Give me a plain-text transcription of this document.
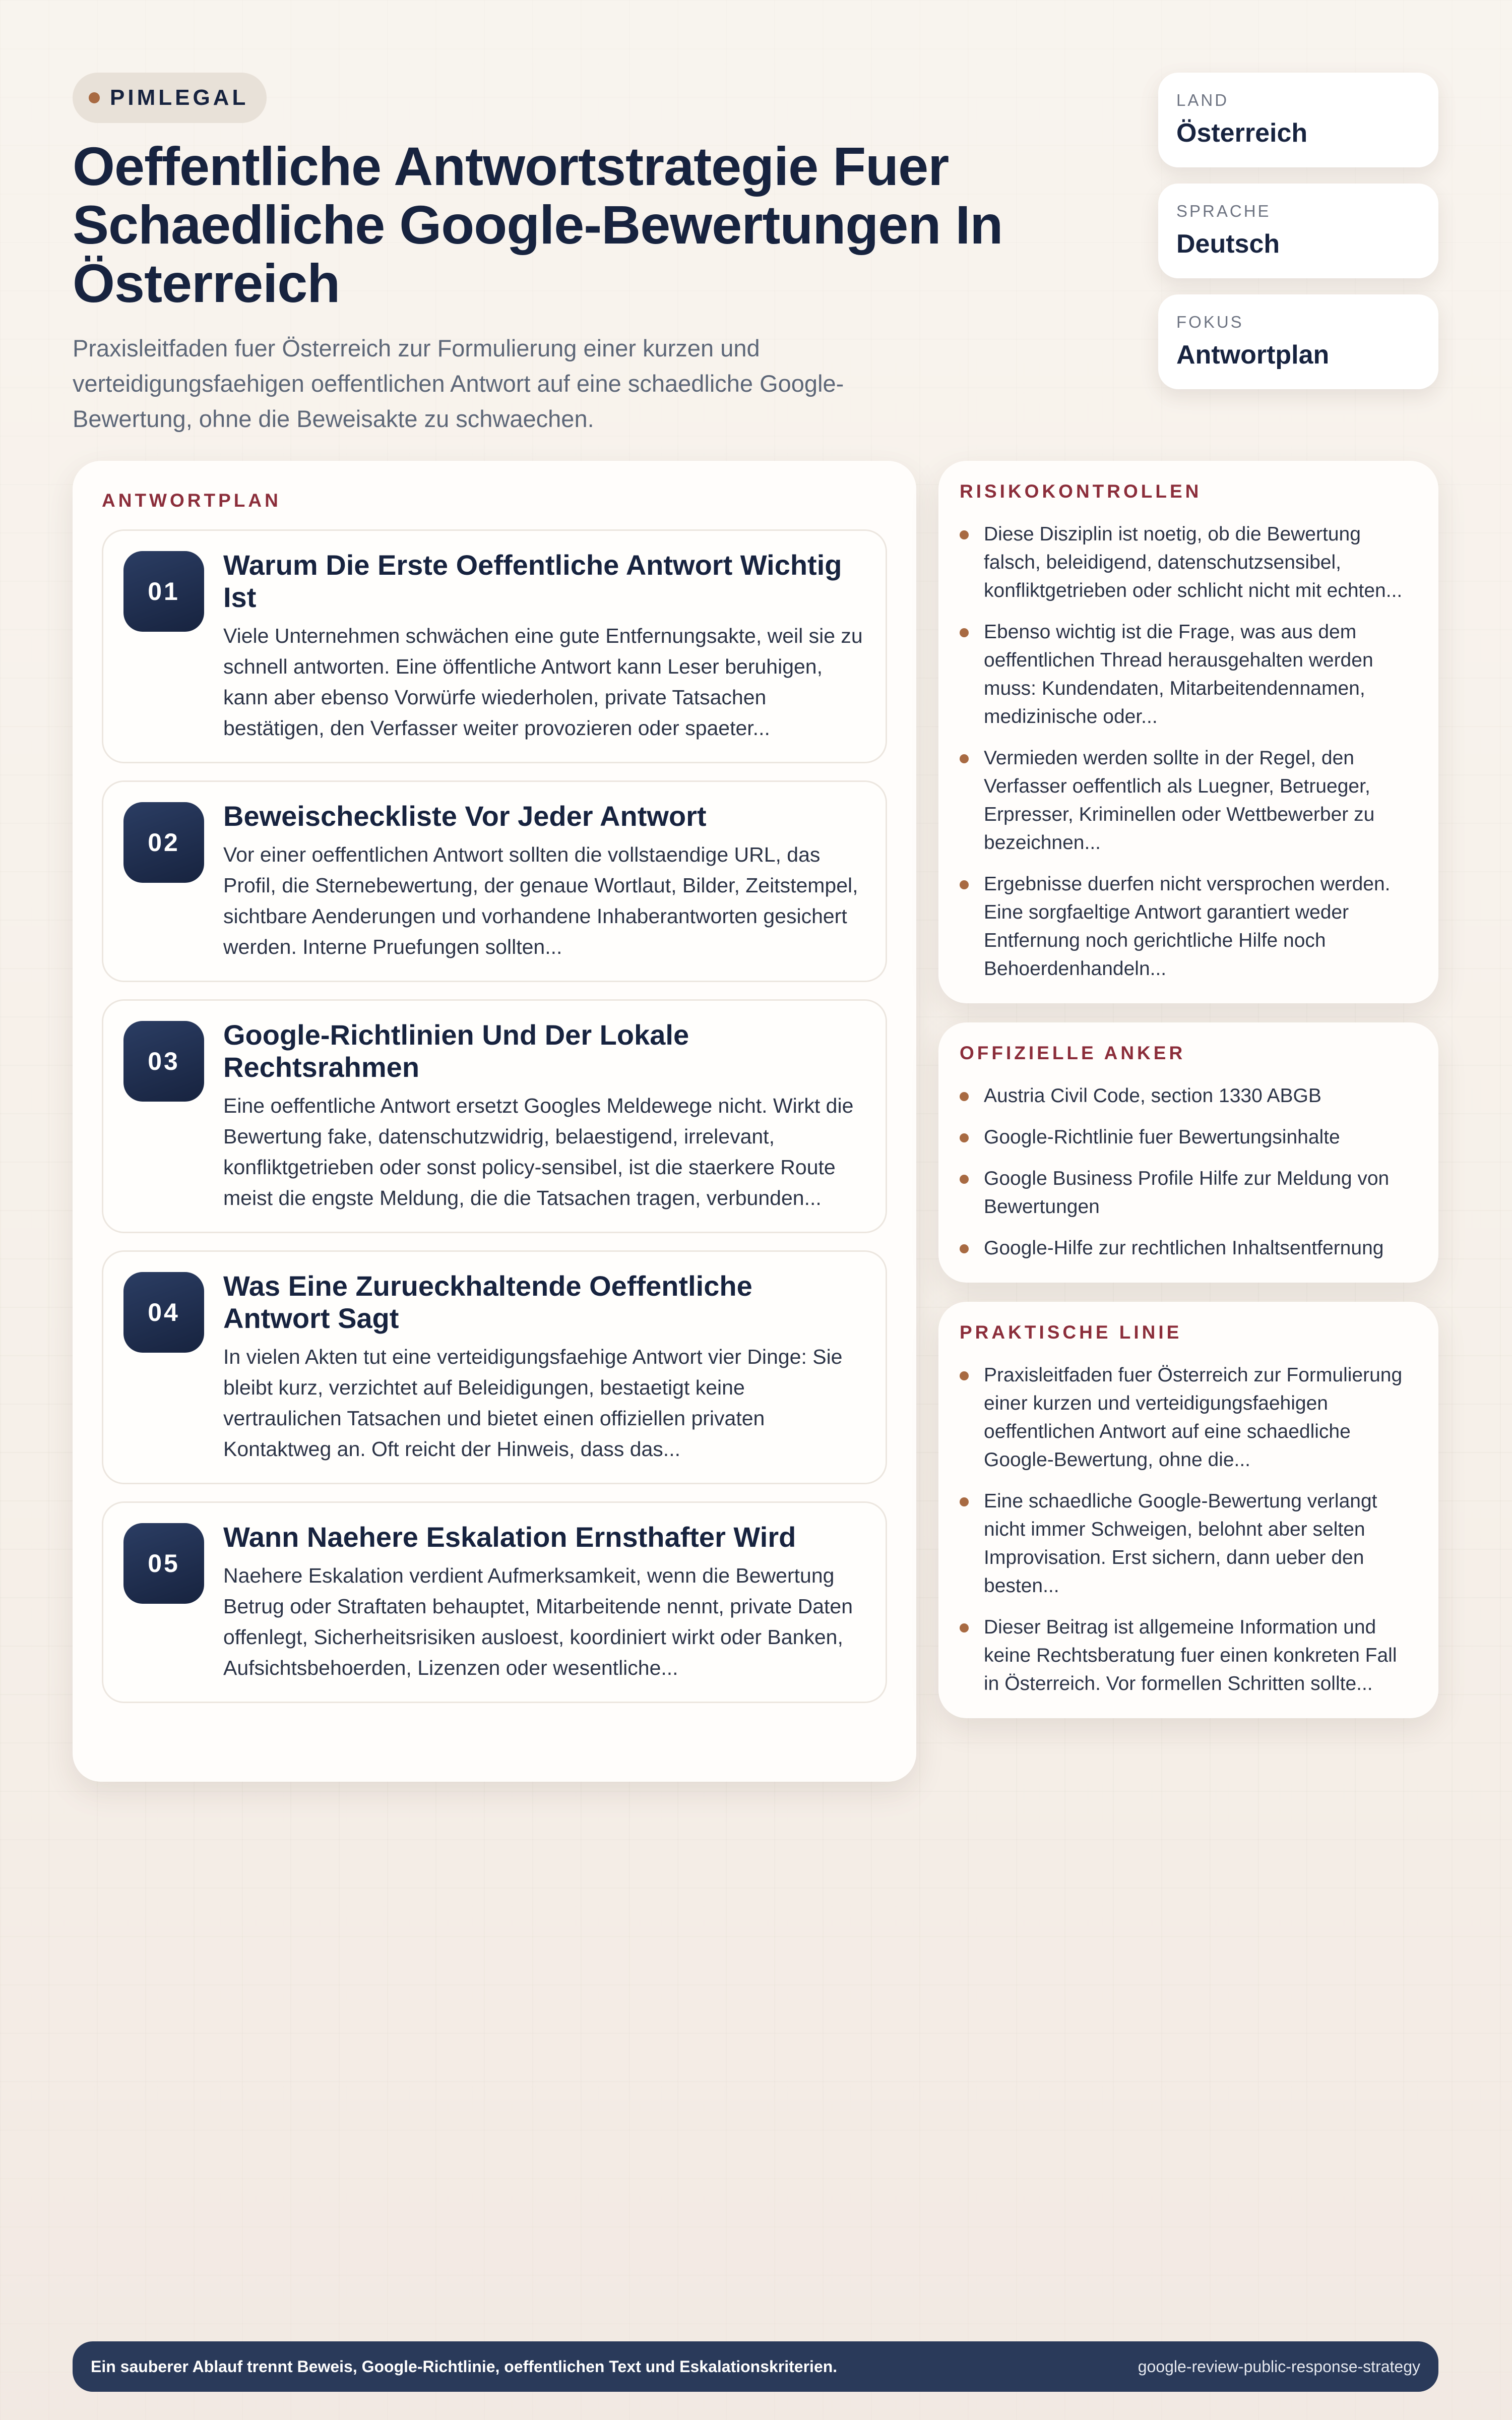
PIMLEGAL
Oeffentliche Antwortstrategie Fuer Schaedliche Google-Bewertungen In Österreich

Praxisleitfaden fuer Österreich zur Formulierung einer kurzen und verteidigungsfaehigen oeffentlichen Antwort auf eine schaedliche Google-Bewertung, ohne die Beweisakte zu schwaechen.

LAND
Österreich
SPRACHE
Deutsch
FOKUS
Antwortplan
ANTWORTPLAN
01
Warum Die Erste Oeffentliche Antwort Wichtig Ist

Viele Unternehmen schwächen eine gute Entfernungsakte, weil sie zu schnell antworten. Eine öffentliche Antwort kann Leser beruhigen, kann aber ebenso Vorwürfe wiederholen, private Tatsachen bestätigen, den Verfasser weiter provozieren oder spaeter...

02
Beweischeckliste Vor Jeder Antwort

Vor einer oeffentlichen Antwort sollten die vollstaendige URL, das Profil, die Sternebewertung, der genaue Wortlaut, Bilder, Zeitstempel, sichtbare Aenderungen und vorhandene Inhaberantworten gesichert werden. Interne Pruefungen sollten...

03
Google-Richtlinien Und Der Lokale Rechtsrahmen

Eine oeffentliche Antwort ersetzt Googles Meldewege nicht. Wirkt die Bewertung fake, datenschutzwidrig, belaestigend, irrelevant, konfliktgetrieben oder sonst policy-sensibel, ist die staerkere Route meist die engste Meldung, die die Tatsachen tragen, verbunden...

04
Was Eine Zurueckhaltende Oeffentliche Antwort Sagt

In vielen Akten tut eine verteidigungsfaehige Antwort vier Dinge: Sie bleibt kurz, verzichtet auf Beleidigungen, bestaetigt keine vertraulichen Tatsachen und bietet einen offiziellen privaten Kontaktweg an. Oft reicht der Hinweis, dass das...

05
Wann Naehere Eskalation Ernsthafter Wird

Naehere Eskalation verdient Aufmerksamkeit, wenn die Bewertung Betrug oder Straftaten behauptet, Mitarbeitende nennt, private Daten offenlegt, Sicherheitsrisiken ausloest, koordiniert wirkt oder Banken, Aufsichtsbehoerden, Lizenzen oder wesentliche...

RISIKOKONTROLLEN
Diese Disziplin ist noetig, ob die Bewertung falsch, beleidigend, datenschutzsensibel, konfliktgetrieben oder schlicht nicht mit echten...
Ebenso wichtig ist die Frage, was aus dem oeffentlichen Thread herausgehalten werden muss: Kundendaten, Mitarbeitendennamen, medizinische oder...
Vermieden werden sollte in der Regel, den Verfasser oeffentlich als Luegner, Betrueger, Erpresser, Kriminellen oder Wettbewerber zu bezeichnen...
Ergebnisse duerfen nicht versprochen werden. Eine sorgfaeltige Antwort garantiert weder Entfernung noch gerichtliche Hilfe noch Behoerdenhandeln...
OFFIZIELLE ANKER
Austria Civil Code, section 1330 ABGB
Google-Richtlinie fuer Bewertungsinhalte
Google Business Profile Hilfe zur Meldung von Bewertungen
Google-Hilfe zur rechtlichen Inhaltsentfernung
PRAKTISCHE LINIE
Praxisleitfaden fuer Österreich zur Formulierung einer kurzen und verteidigungsfaehigen oeffentlichen Antwort auf eine schaedliche Google-Bewertung, ohne die...
Eine schaedliche Google-Bewertung verlangt nicht immer Schweigen, belohnt aber selten Improvisation. Erst sichern, dann ueber den besten...
Dieser Beitrag ist allgemeine Information und keine Rechtsberatung fuer einen konkreten Fall in Österreich. Vor formellen Schritten sollte...
Ein sauberer Ablauf trennt Beweis, Google-Richtlinie, oeffentlichen Text und Eskalationskriterien.	google-review-public-response-strategy
